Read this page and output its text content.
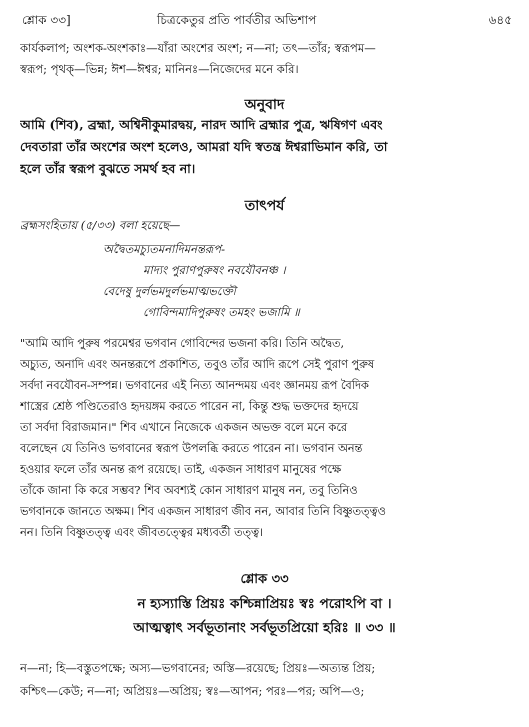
শ্লোক ৩৩]	চিত্রকেতুর প্রতি পার্বতীর অভিশাপ	৬৪৫
কার্যকলাপ; অংশক-অংশকাঃ—যাঁরা অংশের অংশ; ন—না; তৎ—তাঁর; স্বরূপম—
স্বরূপ; পৃথক্—ভিন্ন; ঈশ—ঈশ্বর; মানিনঃ—নিজেদের মনে করি।
অনুবাদ
আমি (শিব), ব্রহ্মা, অশ্বিনীকুমারদ্বয়, নারদ আদি ব্রহ্মার পুত্র, ঋষিগণ এবং
দেবতারা তাঁর অংশের অংশ হলেও, আমরা যদি স্বতন্ত্র ঈশ্বরাভিমান করি, তা
হলে তাঁর স্বরূপ বুঝতে সমর্থ হব না।
তাৎপর্য
ব্রহ্মসংহিতায় (৫/৩৩) বলা হয়েছে—
অদ্বৈতমচ্যুতমনাদিমনন্তরূপ-
মাদ্যং পুরাণপুরুষং নবযৌবনঞ্চ ।
বেদেষু দুর্লভমদুর্লভমাত্মভক্তৌ
গোবিন্দমাদিপুরুষং তমহং ভজামি ॥
"আমি আদি পুরুষ পরমেশ্বর ভগবান গোবিন্দের ভজনা করি। তিনি অদ্বৈত,
অচ্যুত, অনাদি এবং অনন্তরূপে প্রকাশিত, তবুও তাঁর আদি রূপে সেই পুরাণ পুরুষ
সর্বদা নবযৌবন-সম্পন্ন। ভগবানের এই নিত্য আনন্দময় এবং জ্ঞানময় রূপ বৈদিক
শাস্ত্রের শ্রেষ্ঠ পণ্ডিতেরাও হৃদয়ঙ্গম করতে পারেন না, কিন্তু শুদ্ধ ভক্তদের হৃদয়ে
তা সর্বদা বিরাজমান।" শিব এখানে নিজেকে একজন অভক্ত বলে মনে করে
বলেছেন যে তিনিও ভগবানের স্বরূপ উপলব্ধি করতে পারেন না। ভগবান অনন্ত
হওয়ার ফলে তাঁর অনন্ত রূপ রয়েছে। তাই, একজন সাধারণ মানুষের পক্ষে
তাঁকে জানা কি করে সম্ভব? শিব অবশ্যই কোন সাধারণ মানুষ নন, তবু তিনিও
ভগবানকে জানতে অক্ষম। শিব একজন সাধারণ জীব নন, আবার তিনি বিষ্ণুতত্ত্বও
নন। তিনি বিষ্ণুতত্ত্ব এবং জীবতত্ত্বের মধ্যবর্তী তত্ত্ব।
শ্লোক ৩৩
ন হ্যস্যাস্তি প্রিয়ঃ কশ্চিন্নাপ্রিয়ঃ স্বঃ পরোঽপি বা ।
আত্মত্বাৎ সর্বভূতানাং সর্বভূতপ্রিয়ো হরিঃ ॥ ৩৩ ॥
ন—না; হি—বস্তুতপক্ষে; অস্য—ভগবানের; অস্তি—রয়েছে; প্রিয়ঃ—অত্যন্ত প্রিয়;
কশ্চিৎ—কেউ; ন—না; অপ্রিয়ঃ—অপ্রিয়; স্বঃ—আপন; পরঃ—পর; অপি—ও;
